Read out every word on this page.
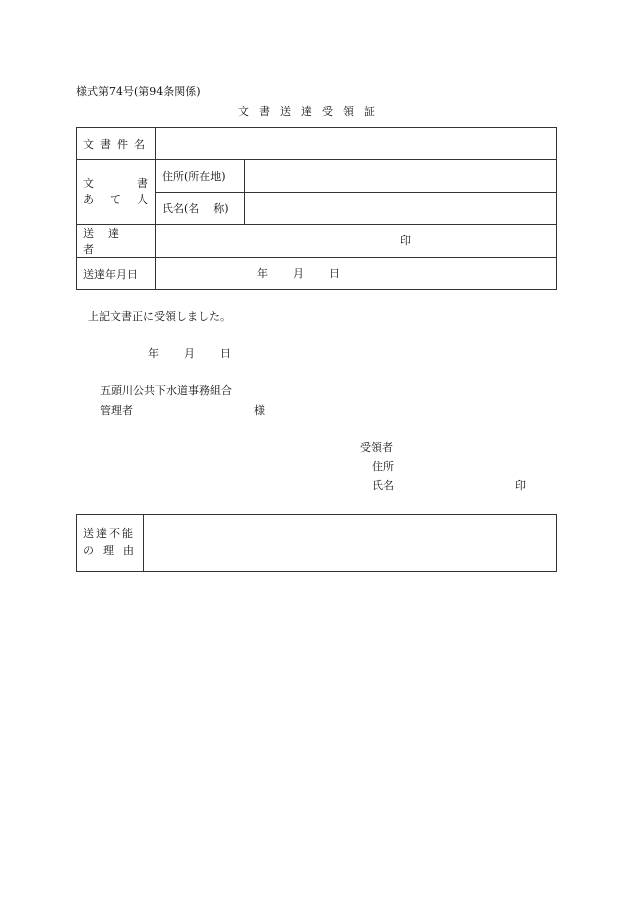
様式第74号(第94条関係)
文書送達受領証
文書件名		

文 書
あ て 人	住所(所在地)	
	氏名(名 称)	
送達者	印	

送達年月日	年 月 日	
上記文書正に受領しました。
年 月 日
五頭川公共下水道事務組合
管理者	様
受領者
住所
氏名	印
送達不能
の 理 由
